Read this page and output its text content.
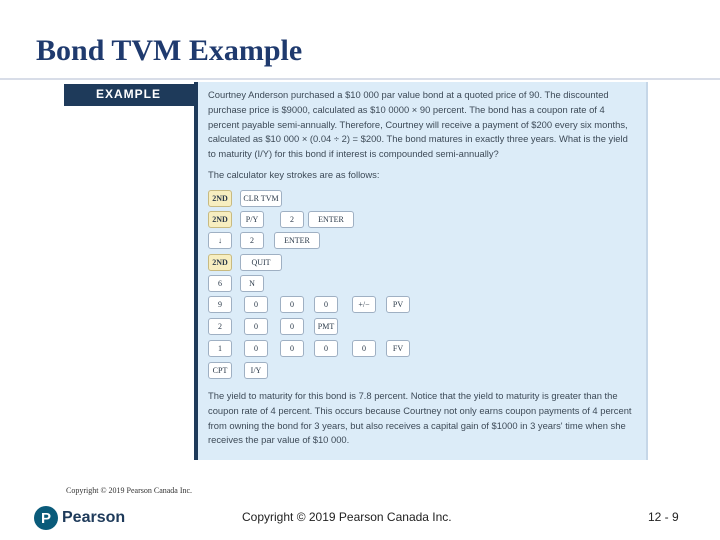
Bond TVM Example
EXAMPLE	Courtney Anderson purchased a $10 000 par value bond at a quoted price of 90. The discounted purchase price is $9000, calculated as $10 0000 × 90 percent. The bond has a coupon rate of 4 percent payable semi-annually. Therefore, Courtney will receive a payment of $200 every six months, calculated as $10 000 × (0.04 ÷ 2) = $200. The bond matures in exactly three years. What is the yield to maturity (I/Y) for this bond if interest is compounded semi-annually?
The calculator key strokes are as follows:
2ND	CLR TVM
2ND	P/Y	2	ENTER
↓	2	ENTER
2ND	QUIT
6	N
9	0	0	0	+/−	PV
2	0	0	PMT
1	0	0	0	0	FV
CPT	I/Y
The yield to maturity for this bond is 7.8 percent. Notice that the yield to maturity is greater than the coupon rate of 4 percent. This occurs because Courtney not only earns coupon payments of 4 percent from owning the bond for 3 years, but also receives a capital gain of $1000 in 3 years' time when she receives the par value of $10 000.
Copyright © 2019 Pearson Canada Inc.
P Pearson	Copyright © 2019 Pearson Canada Inc.	12 - 9
